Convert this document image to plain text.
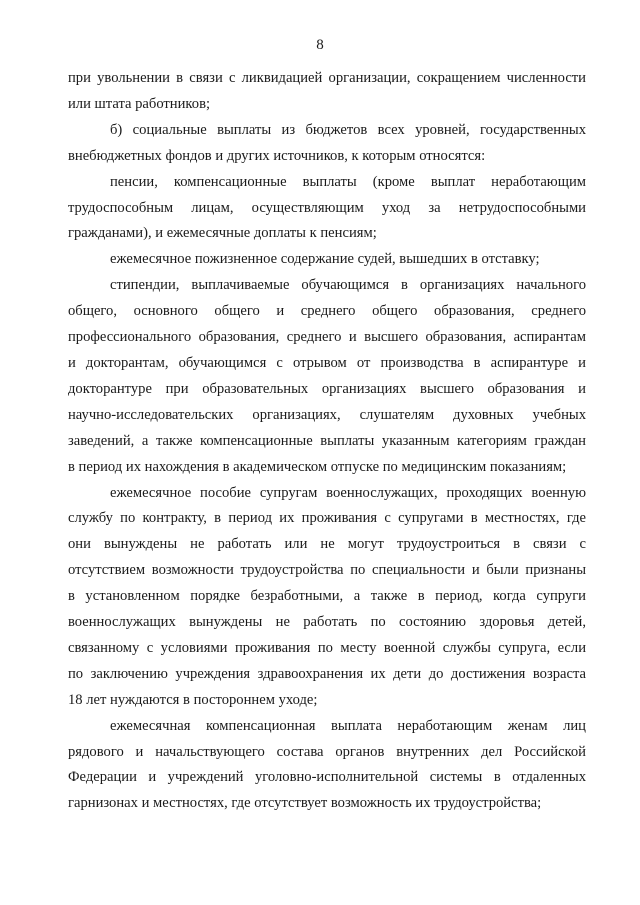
8

при увольнении в связи с ликвидацией организации, сокращением численности
или штата работников;

б) социальные выплаты из бюджетов всех уровней, государственных
внебюджетных фондов и других источников, к которым относятся:

пенсии, компенсационные выплаты (кроме выплат неработающим
трудоспособным лицам, осуществляющим уход за нетрудоспособными
гражданами), и ежемесячные доплаты к пенсиям;

ежемесячное пожизненное содержание судей, вышедших в отставку;

стипендии, выплачиваемые обучающимся в организациях начального
общего, основного общего и среднего общего образования, среднего
профессионального образования, среднего и высшего образования, аспирантам
и докторантам, обучающимся с отрывом от производства в аспирантуре и
докторантуре при образовательных организациях высшего образования и
научно-исследовательских организациях, слушателям духовных учебных
заведений, а также компенсационные выплаты указанным категориям граждан
в период их нахождения в академическом отпуске по медицинским показаниям;

ежемесячное пособие супругам военнослужащих, проходящих военную
службу по контракту, в период их проживания с супругами в местностях, где
они вынуждены не работать или не могут трудоустроиться в связи с
отсутствием возможности трудоустройства по специальности и были признаны
в установленном порядке безработными, а также в период, когда супруги
военнослужащих вынуждены не работать по состоянию здоровья детей,
связанному с условиями проживания по месту военной службы супруга, если
по заключению учреждения здравоохранения их дети до достижения возраста
18 лет нуждаются в постороннем уходе;

ежемесячная компенсационная выплата неработающим женам лиц
рядового и начальствующего состава органов внутренних дел Российской
Федерации и учреждений уголовно-исполнительной системы в отдаленных
гарнизонах и местностях, где отсутствует возможность их трудоустройства;
